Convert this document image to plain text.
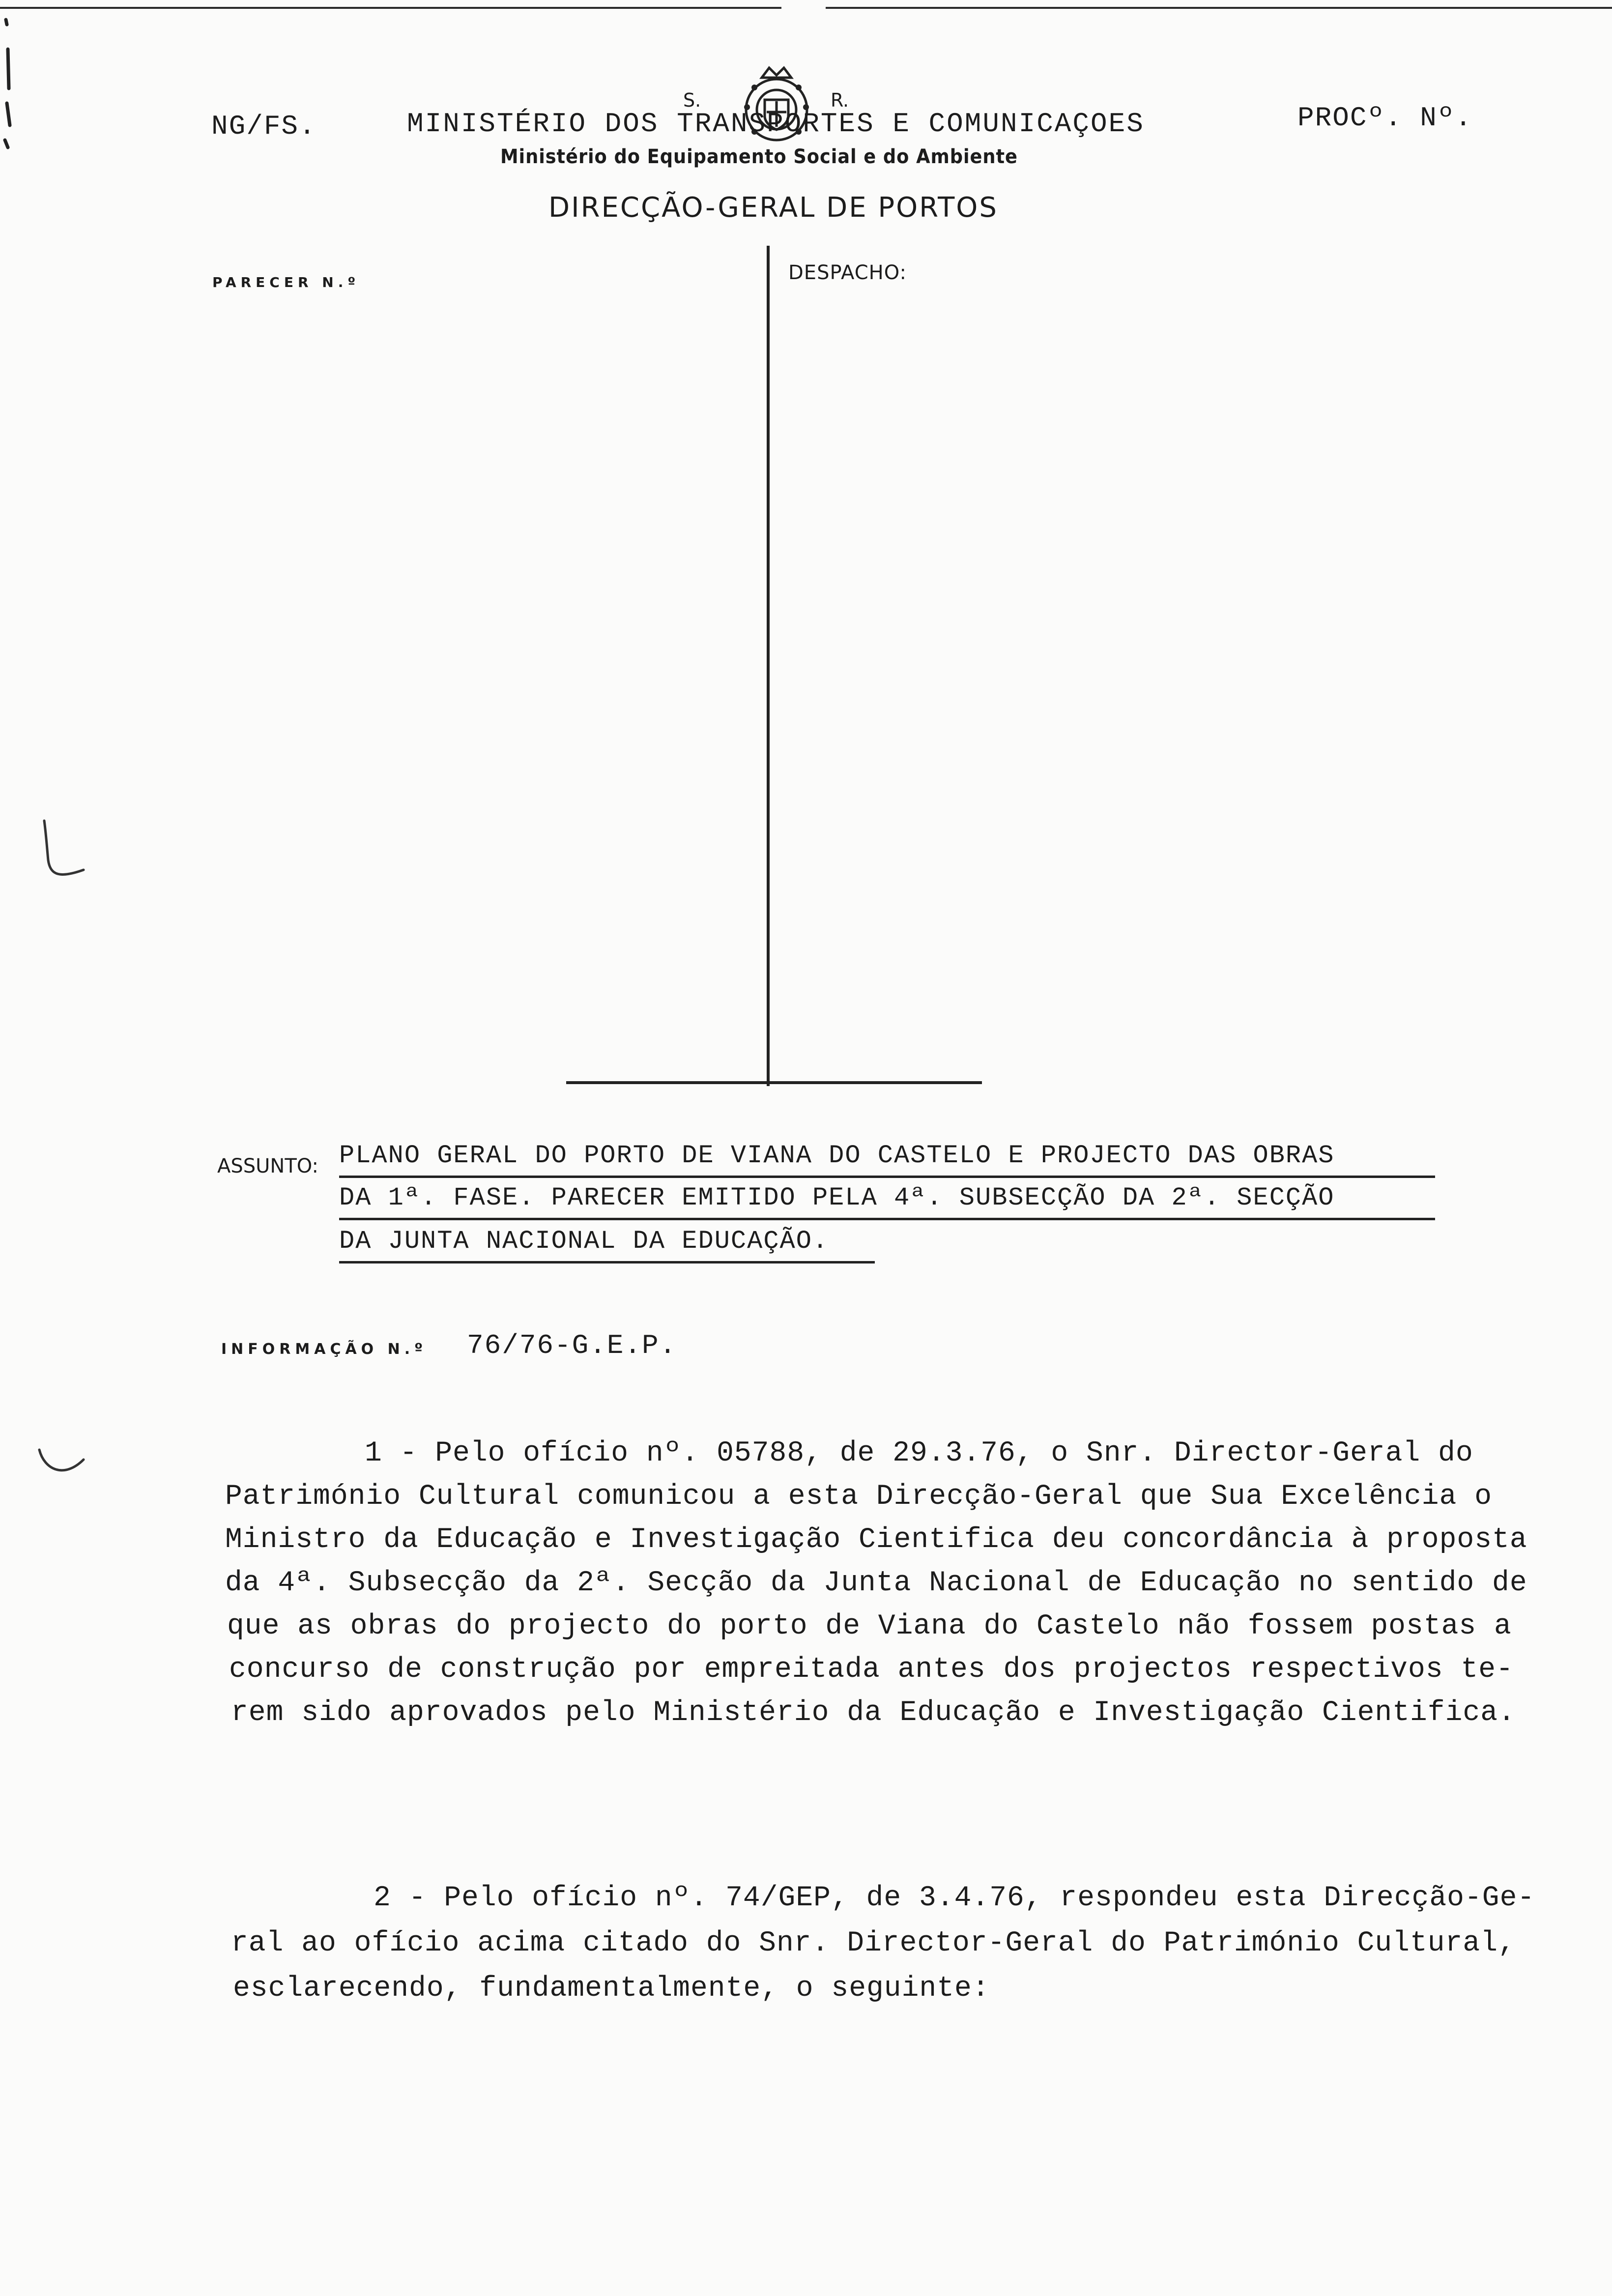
NG/FS.	PROCº. Nº.
S.	R.
MINISTÉRIO DOS TRANSPORTES E COMUNICAÇOES
Ministério do Equipamento Social e do Ambiente
DIRECÇÃO-GERAL DE PORTOS
PARECER N.º	DESPACHO:
ASSUNTO: PLANO GERAL DO PORTO DE VIANA DO CASTELO E PROJECTO DAS OBRAS
DA 1ª. FASE. PARECER EMITIDO PELA 4ª. SUBSECÇÃO DA 2ª. SECÇÃO
DA JUNTA NACIONAL DA EDUCAÇÃO.
INFORMAÇÃO N.º 76/76-G.E.P.
1 - Pelo ofício nº. 05788, de 29.3.76, o Snr. Director-Geral do
Património Cultural comunicou a esta Direcção-Geral que Sua Excelência o
Ministro da Educação e Investigação Cientifica deu concordância à proposta
da 4ª. Subsecção da 2ª. Secção da Junta Nacional de Educação no sentido de
que as obras do projecto do porto de Viana do Castelo não fossem postas a
concurso de construção por empreitada antes dos projectos respectivos te-
rem sido aprovados pelo Ministério da Educação e Investigação Cientifica.
2 - Pelo ofício nº. 74/GEP, de 3.4.76, respondeu esta Direcção-Ge-
ral ao ofício acima citado do Snr. Director-Geral do Património Cultural,
esclarecendo, fundamentalmente, o seguinte:
